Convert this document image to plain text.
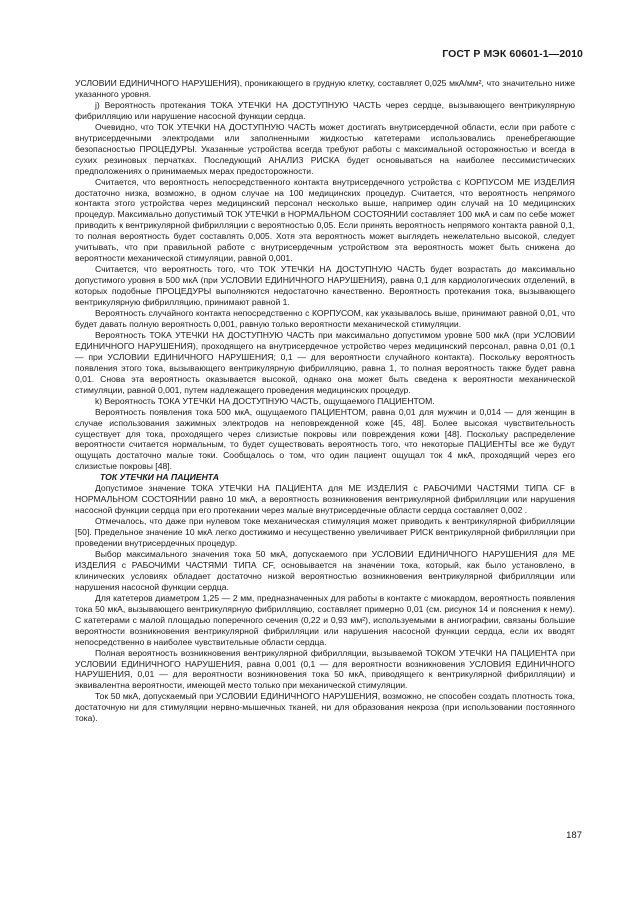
ГОСТ Р МЭК 60601-1—2010

УСЛОВИИ ЕДИНИЧНОГО НАРУШЕНИЯ), проникающего в грудную клетку, составляет 0,025 мкА/мм², что значительно ниже указанного уровня.

j) Вероятность протекания ТОКА УТЕЧКИ НА ДОСТУПНУЮ ЧАСТЬ через сердце, вызывающего вентрикулярную фибрилляцию или нарушение насосной функции сердца.

Очевидно, что ТОК УТЕЧКИ НА ДОСТУПНУЮ ЧАСТЬ может достигать внутрисердечной области, если при работе с внутрисердечными электродами или заполненными жидкостью катетерами использовались пренебрегающие безопасностью ПРОЦЕДУРЫ. Указанные устройства всегда требуют работы с максимальной осторожностью и всегда в сухих резиновых перчатках. Последующий АНАЛИЗ РИСКА будет основываться на наиболее пессимистических предположениях о принимаемых мерах предосторожности.

Считается, что вероятность непосредственного контакта внутрисердечного устройства с КОРПУСОМ МЕ ИЗДЕЛИЯ достаточно низка, возможно, в одном случае на 100 медицинских процедур. Считается, что вероятность непрямого контакта этого устройства через медицинский персонал несколько выше, например один случай на 10 медицинских процедур. Максимально допустимый ТОК УТЕЧКИ в НОРМАЛЬНОМ СОСТОЯНИИ составляет 100 мкА и сам по себе может приводить к вентрикулярной фибрилляции с вероятностью 0,05. Если принять вероятность непрямого контакта равной 0,1, то полная вероятность будет составлять 0,005. Хотя эта вероятность может выглядеть нежелательно высокой, следует учитывать, что при правильной работе с внутрисердечным устройством эта вероятность может быть снижена до вероятности механической стимуляции, равной 0,001.

Считается, что вероятность того, что ТОК УТЕЧКИ НА ДОСТУПНУЮ ЧАСТЬ будет возрастать до максимально допустимого уровня в 500 мкА (при УСЛОВИИ ЕДИНИЧНОГО НАРУШЕНИЯ), равна 0,1 для кардиологических отделений, в которых подобные ПРОЦЕДУРЫ выполняются недостаточно качественно. Вероятность протекания тока, вызывающего вентрикулярную фибрилляцию, принимают равной 1.

Вероятность случайного контакта непосредственно с КОРПУСОМ, как указывалось выше, принимают равной 0,01, что будет давать полную вероятность 0,001, равную только вероятности механической стимуляции.

Вероятность ТОКА УТЕЧКИ НА ДОСТУПНУЮ ЧАСТЬ при максимально допустимом уровне 500 мкА (при УСЛОВИИ ЕДИНИЧНОГО НАРУШЕНИЯ), проходящего на внутрисердечное устройство через медицинский персонал, равна 0,01 (0,1 — при УСЛОВИИ ЕДИНИЧНОГО НАРУШЕНИЯ; 0,1 — для вероятности случайного контакта). Поскольку вероятность появления этого тока, вызывающего вентрикулярную фибрилляцию, равна 1, то полная вероятность также будет равна 0,01. Снова эта вероятность оказывается высокой, однако она может быть сведена к вероятности механической стимуляции, равной 0,001, путем надлежащего проведения медицинских процедур.

k) Вероятность ТОКА УТЕЧКИ НА ДОСТУПНУЮ ЧАСТЬ, ощущаемого ПАЦИЕНТОМ.

Вероятность появления тока 500 мкА, ощущаемого ПАЦИЕНТОМ, равна 0,01 для мужчин и 0,014 — для женщин в случае использования зажимных электродов на неповрежденной коже [45, 48]. Более высокая чувствительность существует для тока, проходящего через слизистые покровы или повреждения кожи [48]. Поскольку распределение вероятности считается нормальным, то будет существовать вероятность того, что некоторые ПАЦИЕНТЫ все же будут ощущать достаточно малые токи. Сообщалось о том, что один пациент ощущал ток 4 мкА, проходящий через его слизистые покровы [48].

ТОК УТЕЧКИ НА ПАЦИЕНТА

Допустимое значение ТОКА УТЕЧКИ НА ПАЦИЕНТА для МЕ ИЗДЕЛИЯ с РАБОЧИМИ ЧАСТЯМИ ТИПА CF в НОРМАЛЬНОМ СОСТОЯНИИ равно 10 мкА, а вероятность возникновения вентрикулярной фибрилляции или нарушения насосной функции сердца при его протекании через малые внутрисердечные области сердца составляет 0,002 .

Отмечалось, что даже при нулевом токе механическая стимуляция может приводить к вентрикулярной фибрилляции [50]. Предельное значение 10 мкА легко достижимо и несущественно увеличивает РИСК вентрикулярной фибрилляции при проведении внутрисердечных процедур.

Выбор максимального значения тока 50 мкА, допускаемого при УСЛОВИИ ЕДИНИЧНОГО НАРУШЕНИЯ для МЕ ИЗДЕЛИЯ с РАБОЧИМИ ЧАСТЯМИ ТИПА CF, основывается на значении тока, который, как было установлено, в клинических условиях обладает достаточно низкой вероятностью возникновения вентрикулярной фибрилляции или нарушения насосной функции сердца.

Для катетеров диаметром 1,25 — 2 мм, предназначенных для работы в контакте с миокардом, вероятность появления тока 50 мкА, вызывающего вентрикулярную фибрилляцию, составляет примерно 0,01 (см. рисунок 14 и пояснения к нему). С катетерами с малой площадью поперечного сечения (0,22 и 0,93 мм²), используемыми в ангиографии, связаны большие вероятности возникновения вентрикулярной фибрилляции или нарушения насосной функции сердца, если их вводят непосредственно в наиболее чувствительные области сердца.

Полная вероятность возникновения вентрикулярной фибрилляции, вызываемой ТОКОМ УТЕЧКИ НА ПАЦИЕНТА при УСЛОВИИ ЕДИНИЧНОГО НАРУШЕНИЯ, равна 0,001 (0,1 — для вероятности возникновения УСЛОВИЯ ЕДИНИЧНОГО НАРУШЕНИЯ, 0,01 — для вероятности возникновения тока 50 мкА, приводящего к вентрикулярной фибрилляции) и эквивалентна вероятности, имеющей место только при механической стимуляции.

Ток 50 мкА, допускаемый при УСЛОВИИ ЕДИНИЧНОГО НАРУШЕНИЯ, возможно, не способен создать плотность тока, достаточную ни для стимуляции нервно-мышечных тканей, ни для образования некроза (при использовании постоянного тока).

187
